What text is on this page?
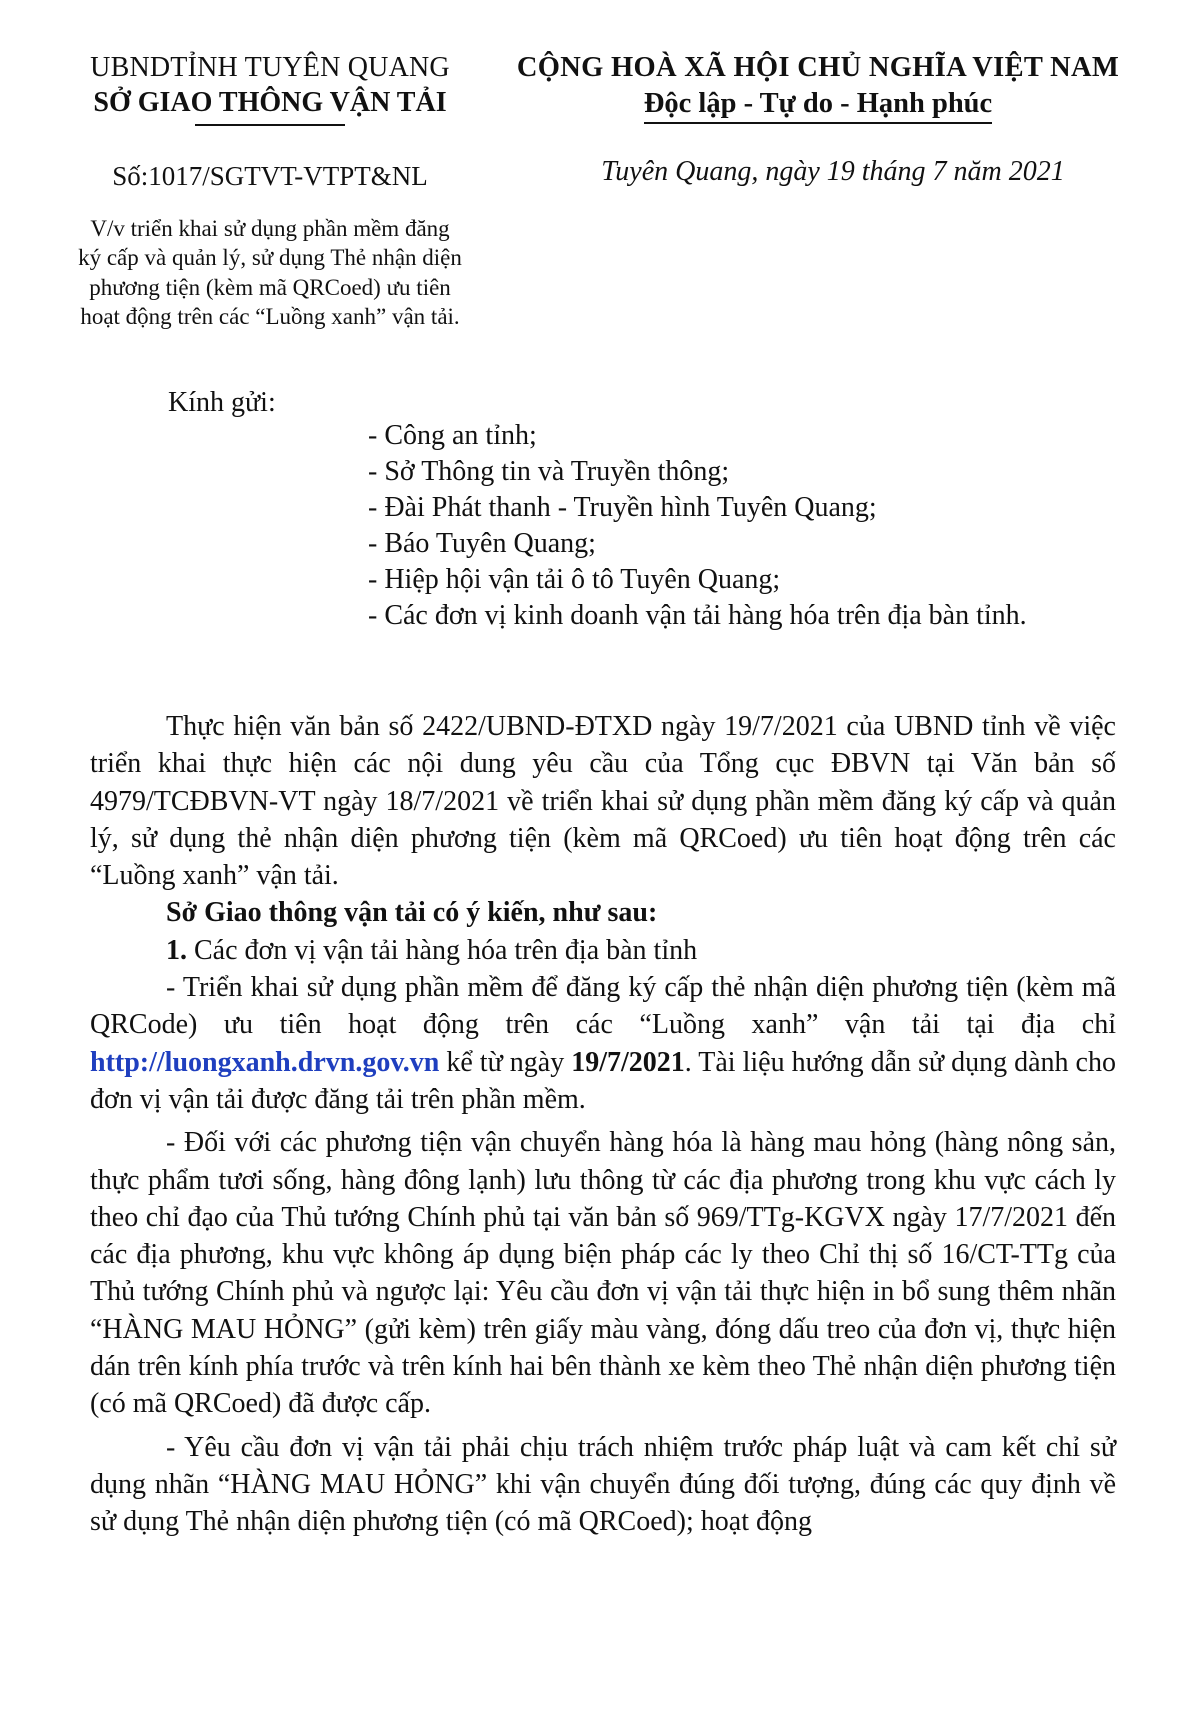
UBNDTỈNH TUYÊN QUANG
SỞ GIAO THÔNG VẬN TẢI
Số:1017/SGTVT-VTPT&NL
V/v triển khai sử dụng phần mềm đăng ký cấp và quản lý, sử dụng Thẻ nhận diện phương tiện (kèm mã QRCoed) ưu tiên hoạt động trên các “Luồng xanh” vận tải.
CỘNG HOÀ XÃ HỘI CHỦ NGHĨA VIỆT NAM
Độc lập - Tự do - Hạnh phúc
Tuyên Quang, ngày 19 tháng 7 năm 2021
Kính gửi:
- Công an tỉnh;
- Sở Thông tin và Truyền thông;
- Đài Phát thanh - Truyền hình Tuyên Quang;
- Báo Tuyên Quang;
- Hiệp hội vận tải ô tô Tuyên Quang;
- Các đơn vị kinh doanh vận tải hàng hóa trên địa bàn tỉnh.

Thực hiện văn bản số 2422/UBND-ĐTXD ngày 19/7/2021 của UBND tỉnh về việc triển khai thực hiện các nội dung yêu cầu của Tổng cục ĐBVN tại Văn bản số 4979/TCĐBVN-VT ngày 18/7/2021 về triển khai sử dụng phần mềm đăng ký cấp và quản lý, sử dụng thẻ nhận diện phương tiện (kèm mã QRCoed) ưu tiên hoạt động trên các “Luồng xanh” vận tải.

Sở Giao thông vận tải có ý kiến, như sau:

1. Các đơn vị vận tải hàng hóa trên địa bàn tỉnh

- Triển khai sử dụng phần mềm để đăng ký cấp thẻ nhận diện phương tiện (kèm mã QRCode) ưu tiên hoạt động trên các “Luồng xanh” vận tải tại địa chỉ http://luongxanh.drvn.gov.vn kể từ ngày 19/7/2021. Tài liệu hướng dẫn sử dụng dành cho đơn vị vận tải được đăng tải trên phần mềm.

- Đối với các phương tiện vận chuyển hàng hóa là hàng mau hỏng (hàng nông sản, thực phẩm tươi sống, hàng đông lạnh) lưu thông từ các địa phương trong khu vực cách ly theo chỉ đạo của Thủ tướng Chính phủ tại văn bản số 969/TTg-KGVX ngày 17/7/2021 đến các địa phương, khu vực không áp dụng biện pháp các ly theo Chỉ thị số 16/CT-TTg của Thủ tướng Chính phủ và ngược lại: Yêu cầu đơn vị vận tải thực hiện in bổ sung thêm nhãn “HÀNG MAU HỎNG” (gửi kèm) trên giấy màu vàng, đóng dấu treo của đơn vị, thực hiện dán trên kính phía trước và trên kính hai bên thành xe kèm theo Thẻ nhận diện phương tiện (có mã QRCoed) đã được cấp.

- Yêu cầu đơn vị vận tải phải chịu trách nhiệm trước pháp luật và cam kết chỉ sử dụng nhãn “HÀNG MAU HỎNG” khi vận chuyển đúng đối tượng, đúng các quy định về sử dụng Thẻ nhận diện phương tiện (có mã QRCoed); hoạt động
